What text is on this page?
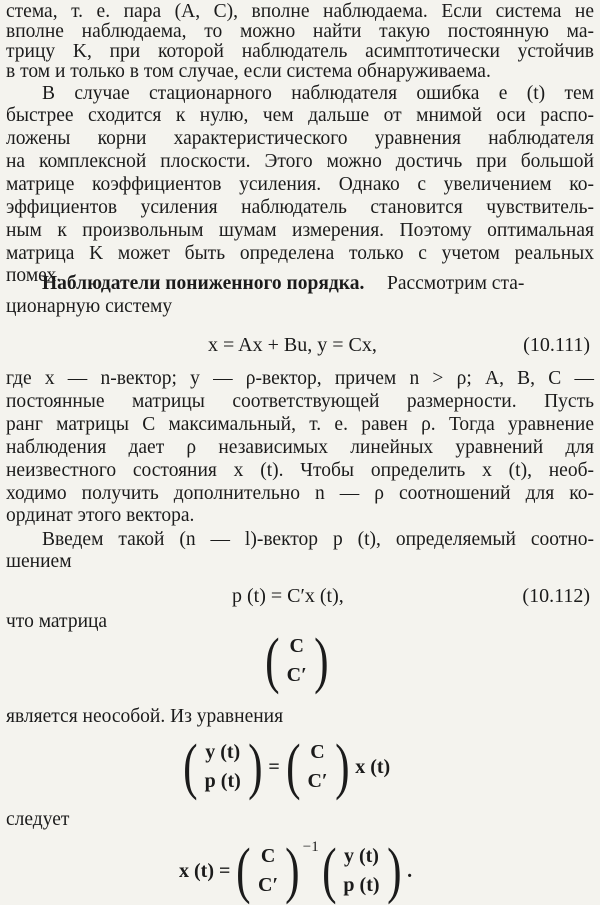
стема, т. е. пара (A, C), вполне наблюдаема. Если система не
вполне наблюдаема, то можно найти такую постоянную ма-
трицу K, при которой наблюдатель асимптотически устойчив
в том и только в том случае, если система обнаруживаема.
В случае стационарного наблюдателя ошибка e (t) тем
быстрее сходится к нулю, чем дальше от мнимой оси распо-
ложены корни характеристического уравнения наблюдателя
на комплексной плоскости. Этого можно достичь при большой
матрице коэффициентов усиления. Однако с увеличением ко-
эффициентов усиления наблюдатель становится чувствитель-
ным к произвольным шумам измерения. Поэтому оптимальная
матрица K может быть определена только с учетом реальных
помех.
Наблюдатели пониженного порядка. Рассмотрим ста-
ционарную систему
x = Ax + Bu, y = Cx,	(10.111)
где x — n-вектор; y — ρ-вектор, причем n > ρ; A, B, C —
постоянные матрицы соответствующей размерности. Пусть
ранг матрицы C максимальный, т. е. равен ρ. Тогда уравнение
наблюдения дает ρ независимых линейных уравнений для
неизвестного состояния x (t). Чтобы определить x (t), необ-
ходимо получить дополнительно n — ρ соотношений для ко-
ординат этого вектора.
Введем такой (n — l)-вектор p (t), определяемый соотно-
шением
p (t) = C′x (t),	(10.112)
что матрица
( C
C′ )
является неособой. Из уравнения
( y (t)
p (t) ) = ( C
C′ ) x (t)
следует
x (t) = ( C
C′ ) −1 ( y (t)
p (t) ) .
